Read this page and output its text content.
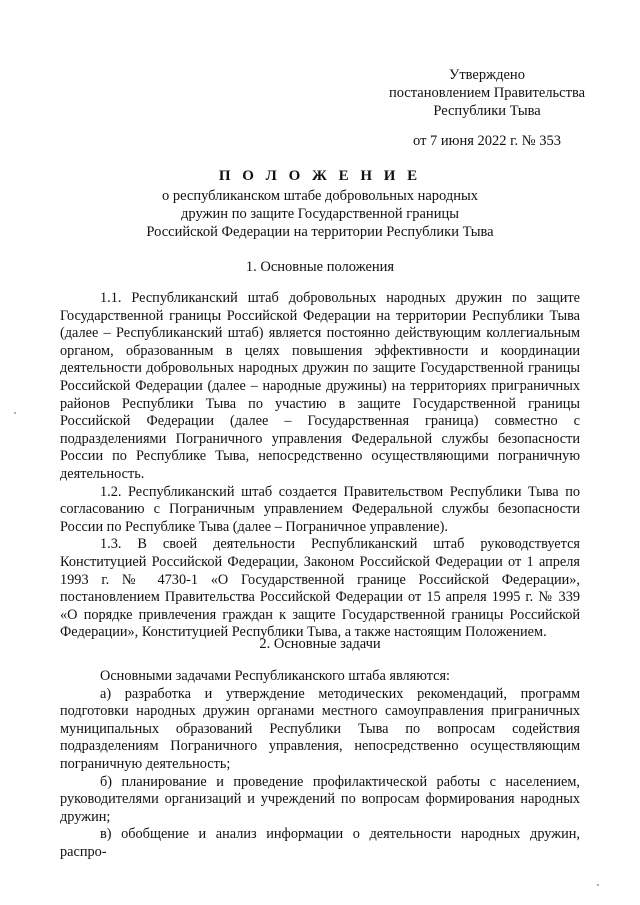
Утверждено
постановлением Правительства
Республики Тыва
от 7 июня 2022 г. № 353
П О Л О Ж Е Н И Е
о республиканском штабе добровольных народных
дружин по защите Государственной границы
Российской Федерации на территории Республики Тыва
1. Основные положения

1.1. Республиканский штаб добровольных народных дружин по защите Государственной границы Российской Федерации на территории Республики Тыва (далее – Республиканский штаб) является постоянно действующим коллегиальным органом, образованным в целях повышения эффективности и координации деятельности добровольных народных дружин по защите Государственной границы Российской Федерации (далее – народные дружины) на территориях приграничных районов Республики Тыва по участию в защите Государственной границы Российской Федерации (далее – Государственная граница) совместно с подразделениями Пограничного управления Федеральной службы безопасности России по Республике Тыва, непосредственно осуществляющими пограничную деятельность.

1.2. Республиканский штаб создается Правительством Республики Тыва по согласованию с Пограничным управлением Федеральной службы безопасности России по Республике Тыва (далее – Пограничное управление).

1.3. В своей деятельности Республиканский штаб руководствуется Конституцией Российской Федерации, Законом Российской Федерации от 1 апреля 1993 г. № 4730-1 «О Государственной границе Российской Федерации», постановлением Правительства Российской Федерации от 15 апреля 1995 г. № 339 «О порядке привлечения граждан к защите Государственной границы Российской Федерации», Конституцией Республики Тыва, а также настоящим Положением.

2. Основные задачи

Основными задачами Республиканского штаба являются:

а) разработка и утверждение методических рекомендаций, программ подготовки народных дружин органами местного самоуправления приграничных муниципальных образований Республики Тыва по вопросам содействия подразделениям Пограничного управления, непосредственно осуществляющим пограничную деятельность;

б) планирование и проведение профилактической работы с населением, руководителями организаций и учреждений по вопросам формирования народных дружин;

в) обобщение и анализ информации о деятельности народных дружин, распро-
